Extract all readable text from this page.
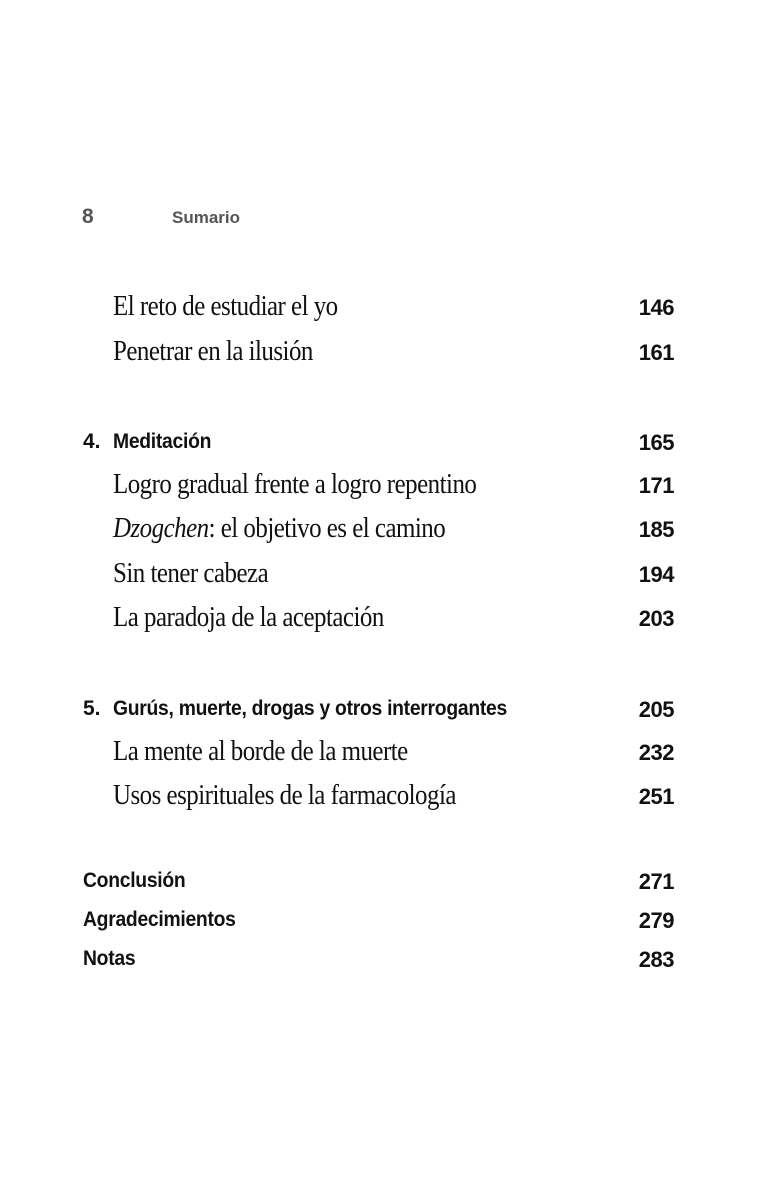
8	Sumario
El reto de estudiar el yo	146
Penetrar en la ilusión	161
4. Meditación	165
Logro gradual frente a logro repentino	171
Dzogchen: el objetivo es el camino	185
Sin tener cabeza	194
La paradoja de la aceptación	203
5. Gurús, muerte, drogas y otros interrogantes	205
La mente al borde de la muerte	232
Usos espirituales de la farmacología	251
Conclusión	271
Agradecimientos	279
Notas	283
